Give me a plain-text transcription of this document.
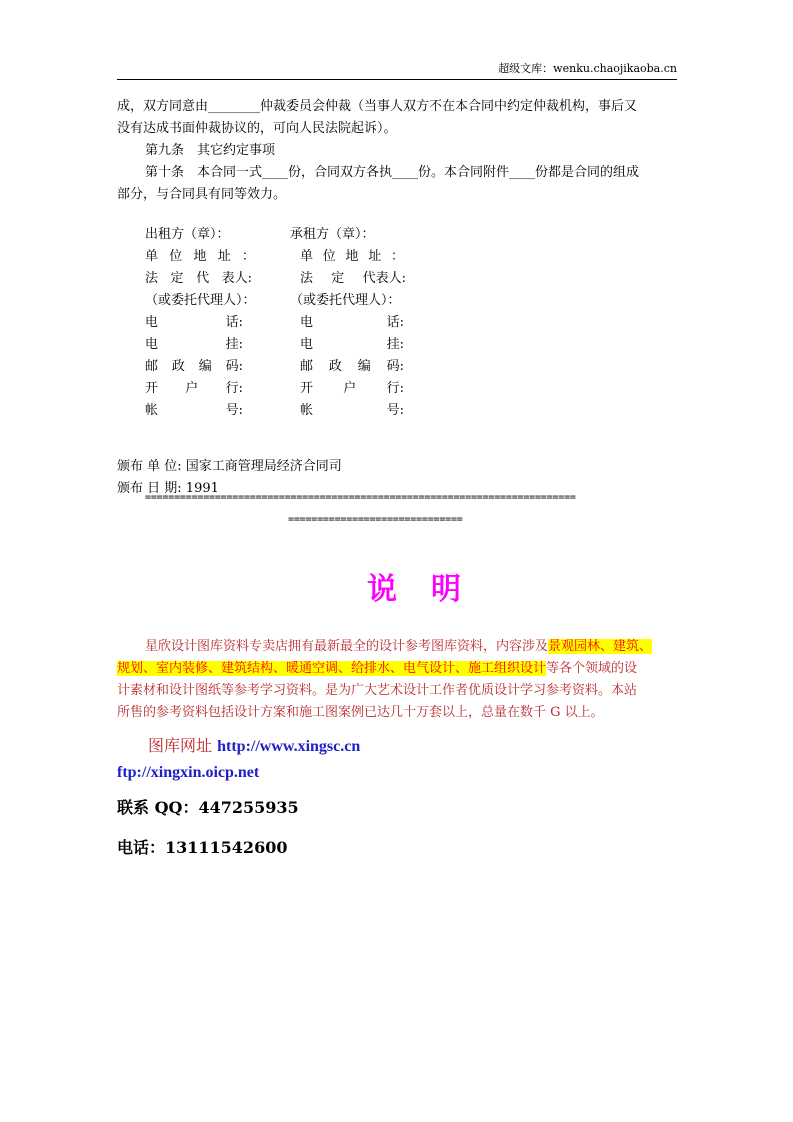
超级文库：wenku.chaojikaoba.cn
成，双方同意由________仲裁委员会仲裁（当事人双方不在本合同中约定仲裁机构，事后又
没有达成书面仲裁协议的，可向人民法院起诉）。
第九条　其它约定事项
第十条　本合同一式____份，合同双方各执____份。本合同附件____份都是合同的组成
部分，与合同具有同等效力。
出租方（章）：	承租方（章）：
单 位 地 址 ：	单 位 地 址 ：
法 定 代 表人:	法 定 代表人:
（或委托代理人）：	（或委托代理人）：
电	话:	电	话:
电	挂:	电	挂:
邮 政 编 码:	邮 政 编 码:
开 户 行:	开 户 行:
帐	号:	帐	号:
颁布 单 位: 国家工商管理局经济合同司
颁布 日 期: 1991
==========================================================================
==============================
说　明
星欣设计图库资料专卖店拥有最新最全的设计参考图库资料，内容涉及景观园林、建筑、
规划、室内装修、建筑结构、暖通空调、给排水、电气设计、施工组织设计等各个领域的设
计素材和设计图纸等参考学习资料。是为广大艺术设计工作者优质设计学习参考资料。本站
所售的参考资料包括设计方案和施工图案例已达几十万套以上，总量在数千 G 以上。
图库网址 http://www.xingsc.cn
ftp://xingxin.oicp.net
联系 QQ：447255935
电话：13111542600
